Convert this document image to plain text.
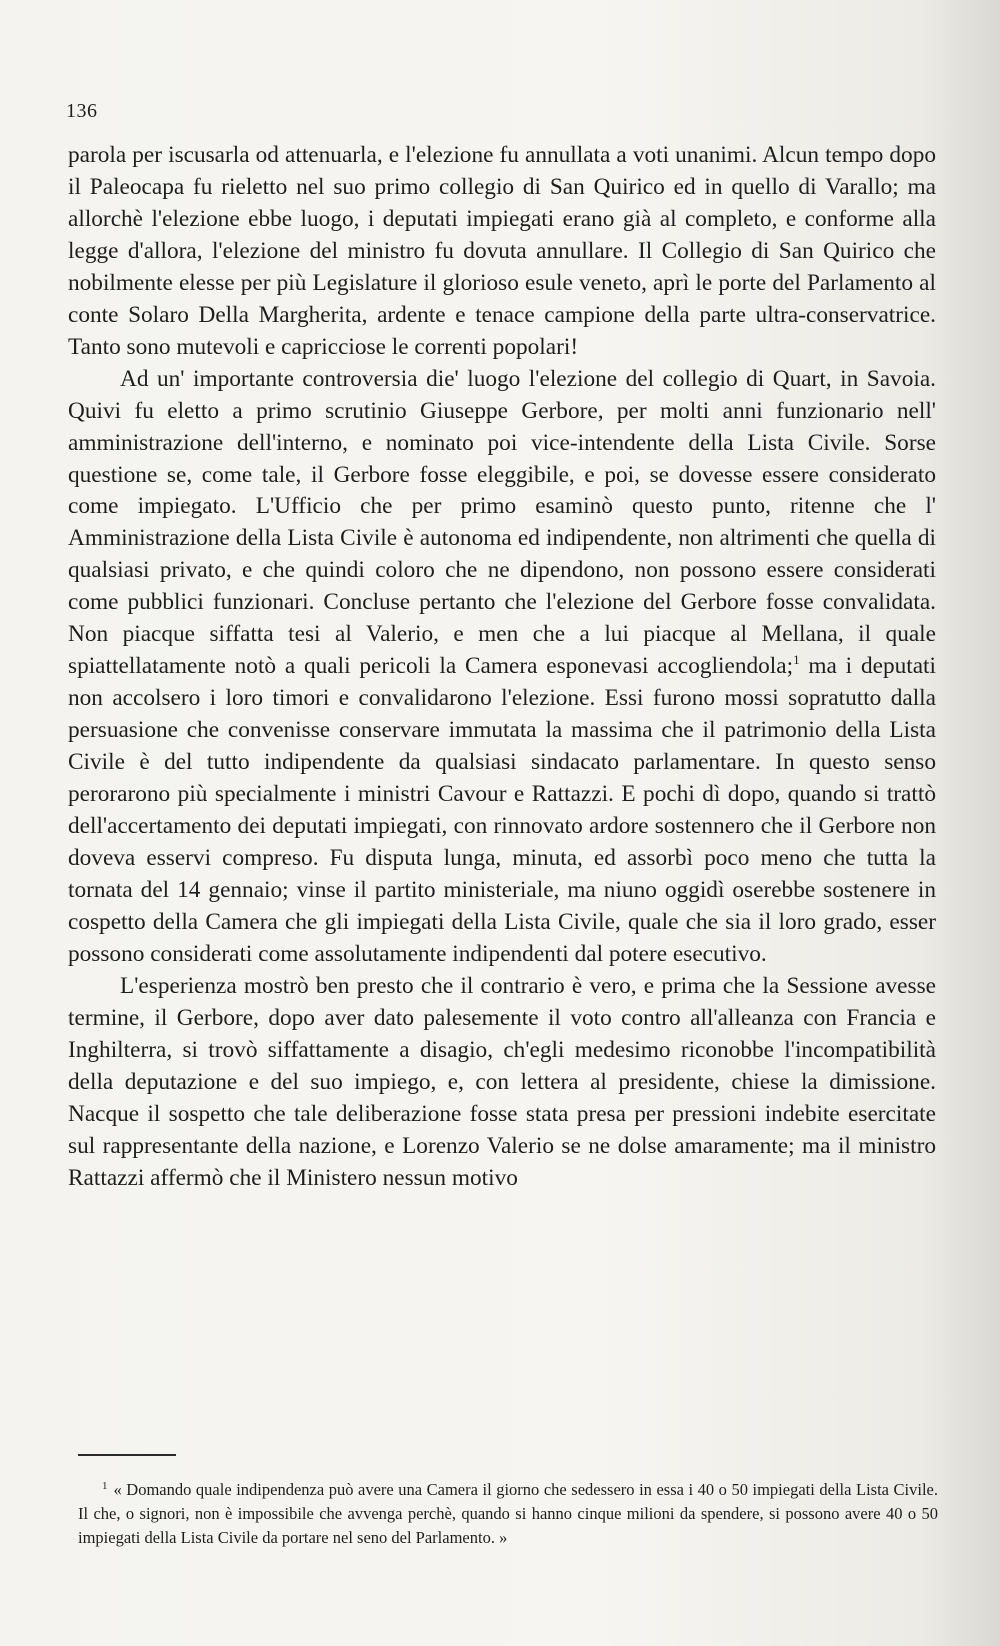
136

parola per iscusarla od attenuarla, e l'elezione fu annullata a voti unanimi. Alcun tempo dopo il Paleocapa fu rieletto nel suo primo collegio di San Quirico ed in quello di Varallo; ma allorchè l'elezione ebbe luogo, i deputati impiegati erano già al completo, e conforme alla legge d'allora, l'elezione del ministro fu dovuta annullare. Il Collegio di San Quirico che nobilmente elesse per più Legislature il glorioso esule veneto, aprì le porte del Parlamento al conte Solaro Della Margherita, ardente e tenace campione della parte ultra-conservatrice. Tanto sono mutevoli e capricciose le correnti popolari!

Ad un' importante controversia die' luogo l'elezione del collegio di Quart, in Savoia. Quivi fu eletto a primo scrutinio Giuseppe Gerbore, per molti anni funzionario nell' amministrazione dell'interno, e nominato poi vice-intendente della Lista Civile. Sorse questione se, come tale, il Gerbore fosse eleggibile, e poi, se dovesse essere considerato come impiegato. L'Ufficio che per primo esaminò questo punto, ritenne che l' Amministrazione della Lista Civile è autonoma ed indipendente, non altrimenti che quella di qualsiasi privato, e che quindi coloro che ne dipendono, non possono essere considerati come pubblici funzionari. Concluse pertanto che l'elezione del Gerbore fosse convalidata. Non piacque siffatta tesi al Valerio, e men che a lui piacque al Mellana, il quale spiattellatamente notò a quali pericoli la Camera esponevasi accogliendola;$^1$ ma i deputati non accolsero i loro timori e convalidarono l'elezione. Essi furono mossi sopratutto dalla persuasione che convenisse conservare immutata la massima che il patrimonio della Lista Civile è del tutto indipendente da qualsiasi sindacato parlamentare. In questo senso perorarono più specialmente i ministri Cavour e Rattazzi. E pochi dì dopo, quando si trattò dell'accertamento dei deputati impiegati, con rinnovato ardore sostennero che il Gerbore non doveva esservi compreso. Fu disputa lunga, minuta, ed assorbì poco meno che tutta la tornata del 14 gennaio; vinse il partito ministeriale, ma niuno oggidì oserebbe sostenere in cospetto della Camera che gli impiegati della Lista Civile, quale che sia il loro grado, esser possono considerati come assolutamente indipendenti dal potere esecutivo.

L'esperienza mostrò ben presto che il contrario è vero, e prima che la Sessione avesse termine, il Gerbore, dopo aver dato palesemente il voto contro all'alleanza con Francia e Inghilterra, si trovò siffattamente a disagio, ch'egli medesimo riconobbe l'incompatibilità della deputazione e del suo impiego, e, con lettera al presidente, chiese la dimissione. Nacque il sospetto che tale deliberazione fosse stata presa per pressioni indebite esercitate sul rappresentante della nazione, e Lorenzo Valerio se ne dolse amaramente; ma il ministro Rattazzi affermò che il Ministero nessun motivo

$^1$ « Domando quale indipendenza può avere una Camera il giorno che sedessero in essa i 40 o 50 impiegati della Lista Civile. Il che, o signori, non è impossibile che avvenga perchè, quando si hanno cinque milioni da spendere, si possono avere 40 o 50 impiegati della Lista Civile da portare nel seno del Parlamento. »
